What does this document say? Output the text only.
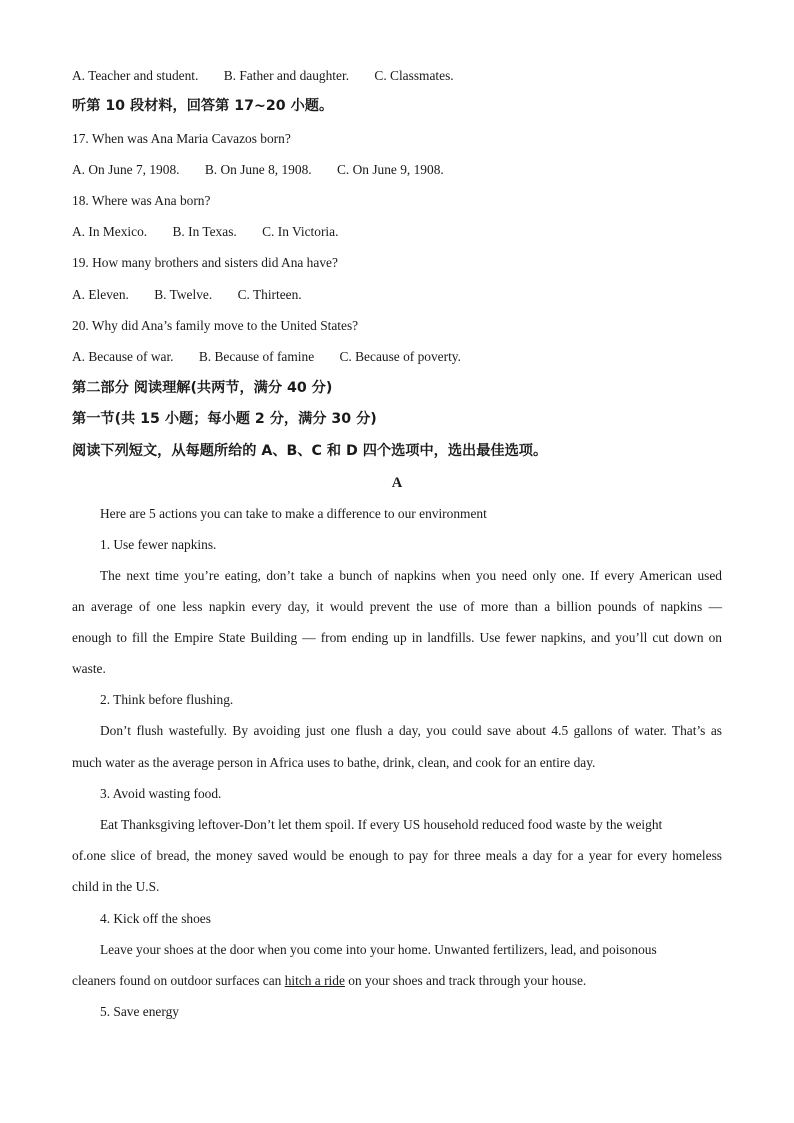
A. Teacher and student. B. Father and daughter. C. Classmates.
听第 10 段材料，回答第 17~20 小题。
17. When was Ana Maria Cavazos born?
A. On June 7, 1908. B. On June 8, 1908. C. On June 9, 1908.
18. Where was Ana born?
A. In Mexico. B. In Texas. C. In Victoria.
19. How many brothers and sisters did Ana have?
A. Eleven. B. Twelve. C. Thirteen.
20. Why did Ana’s family move to the United States?
A. Because of war. B. Because of famine C. Because of poverty.
第二部分 阅读理解(共两节，满分 40 分)
第一节(共 15 小题；每小题 2 分，满分 30 分)
阅读下列短文，从每题所给的 A、B、C 和 D 四个选项中，选出最佳选项。
A
Here are 5 actions you can take to make a difference to our environment
1. Use fewer napkins.
The next time you’re eating, don’t take a bunch of napkins when you need only one. If every American used
an average of one less napkin every day, it would prevent the use of more than a billion pounds of napkins —
enough to fill the Empire State Building — from ending up in landfills. Use fewer napkins, and you’ll cut down on
waste.
2. Think before flushing.
Don’t flush wastefully. By avoiding just one flush a day, you could save about 4.5 gallons of water. That’s as
much water as the average person in Africa uses to bathe, drink, clean, and cook for an entire day.
3. Avoid wasting food.
Eat Thanksgiving leftover-Don’t let them spoil. If every US household reduced food waste by the weight
of.one slice of bread, the money saved would be enough to pay for three meals a day for a year for every homeless
child in the U.S.
4. Kick off the shoes
Leave your shoes at the door when you come into your home. Unwanted fertilizers, lead, and poisonous
cleaners found on outdoor surfaces can hitch a ride on your shoes and track through your house.
5. Save energy
